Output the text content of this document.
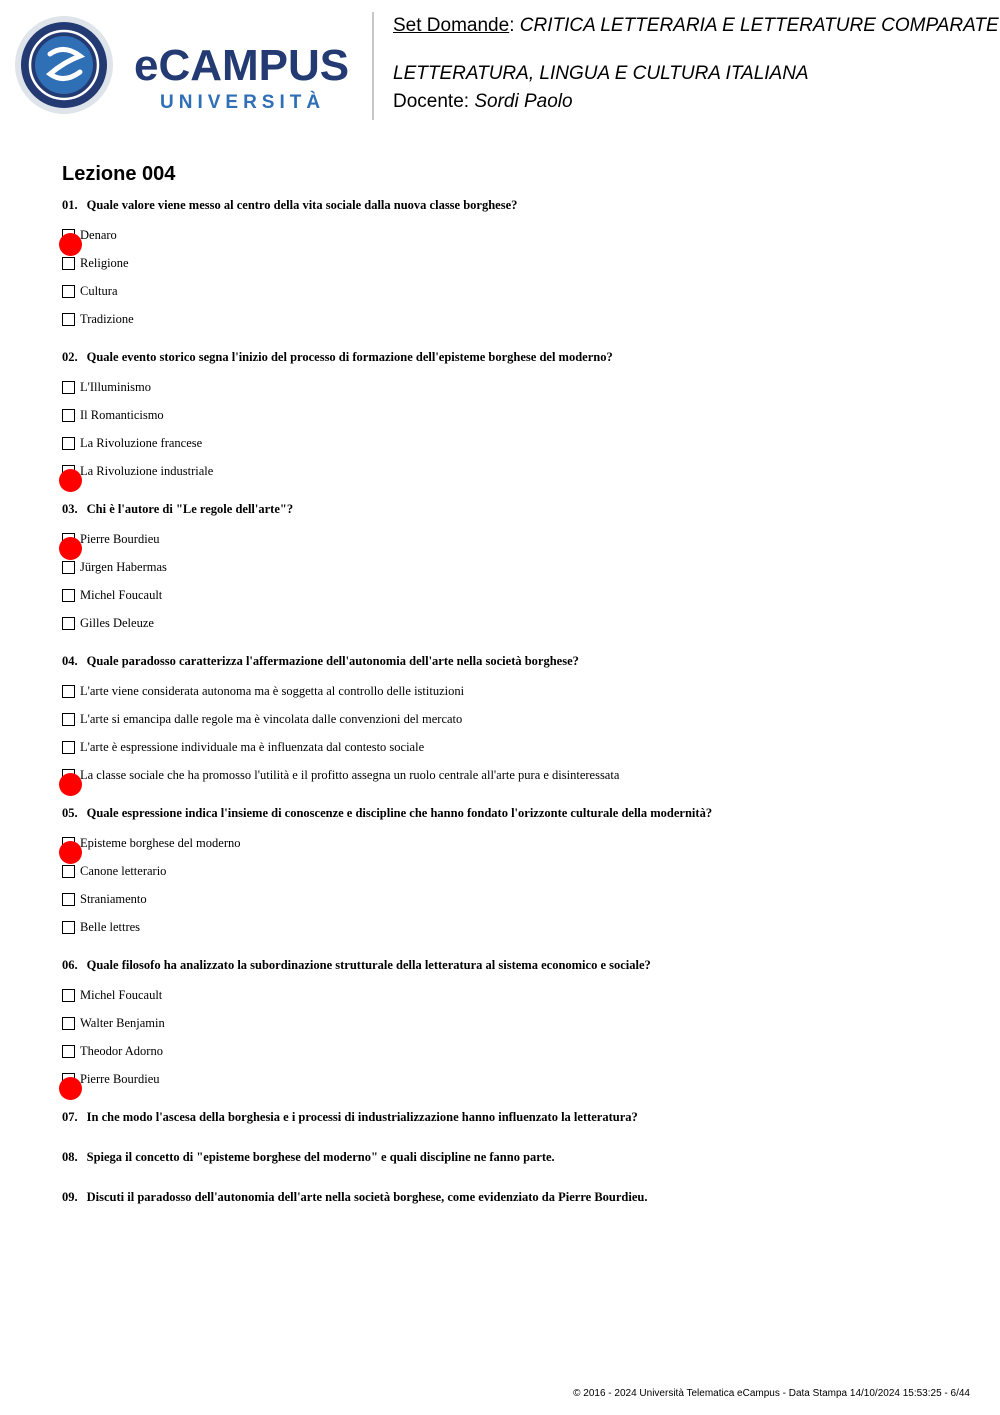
eCAMPUS
UNIVERSITÀ
Set Domande: CRITICA LETTERARIA E LETTERATURE COMPARATE
LETTERATURA, LINGUA E CULTURA ITALIANA
Docente: Sordi Paolo
Lezione 004

01. Quale valore viene messo al centro della vita sociale dalla nuova classe borghese?

Denaro
Religione
Cultura
Tradizione

02. Quale evento storico segna l'inizio del processo di formazione dell'episteme borghese del moderno?

L'Illuminismo
Il Romanticismo
La Rivoluzione francese
La Rivoluzione industriale

03. Chi è l'autore di "Le regole dell'arte"?

Pierre Bourdieu
Jürgen Habermas
Michel Foucault
Gilles Deleuze

04. Quale paradosso caratterizza l'affermazione dell'autonomia dell'arte nella società borghese?

L'arte viene considerata autonoma ma è soggetta al controllo delle istituzioni
L'arte si emancipa dalle regole ma è vincolata dalle convenzioni del mercato
L'arte è espressione individuale ma è influenzata dal contesto sociale
La classe sociale che ha promosso l'utilità e il profitto assegna un ruolo centrale all'arte pura e disinteressata

05. Quale espressione indica l'insieme di conoscenze e discipline che hanno fondato l'orizzonte culturale della modernità?

Episteme borghese del moderno
Canone letterario
Straniamento
Belle lettres

06. Quale filosofo ha analizzato la subordinazione strutturale della letteratura al sistema economico e sociale?

Michel Foucault
Walter Benjamin
Theodor Adorno
Pierre Bourdieu

07. In che modo l'ascesa della borghesia e i processi di industrializzazione hanno influenzato la letteratura?

08. Spiega il concetto di "episteme borghese del moderno" e quali discipline ne fanno parte.

09. Discuti il paradosso dell'autonomia dell'arte nella società borghese, come evidenziato da Pierre Bourdieu.

© 2016 - 2024 Università Telematica eCampus - Data Stampa 14/10/2024 15:53:25 - 6/44
